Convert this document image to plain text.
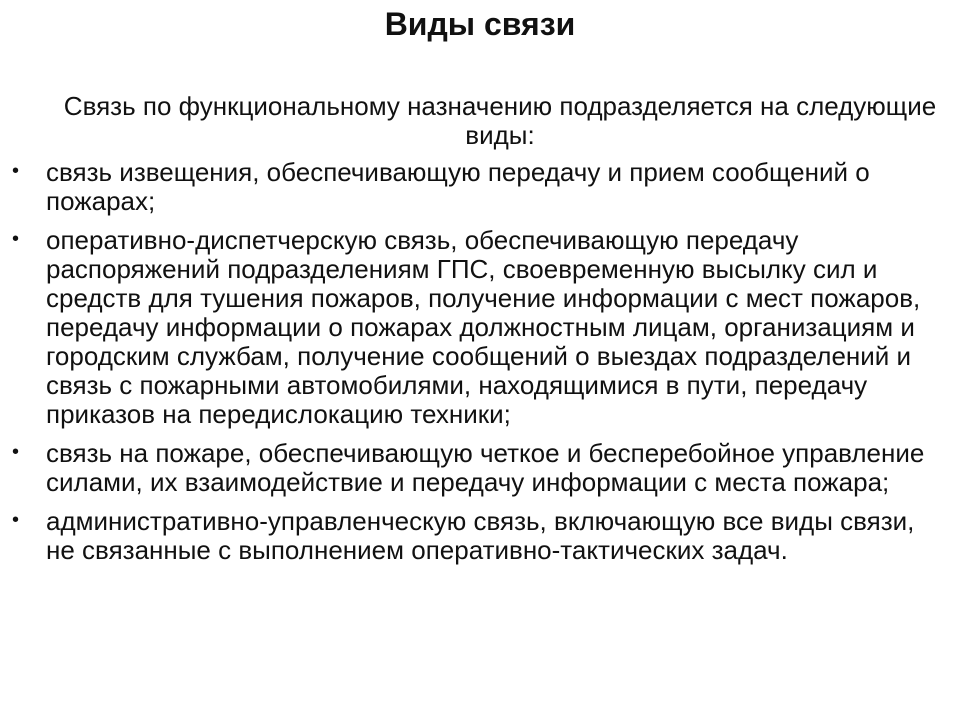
Виды связи

Связь по функциональному назначению подразделяется на следующие виды:

• связь извещения, обеспечивающую передачу и прием сообщений о пожарах;
• оперативно-диспетчерскую связь, обеспечивающую передачу распоряжений подразделениям ГПС, своевременную высылку сил и средств для тушения пожаров, получение информации с мест пожаров, передачу информации о пожарах должностным лицам, организациям и городским службам, получение сообщений о выездах подразделений и связь с пожарными автомобилями, находящимися в пути, передачу приказов на передислокацию техники;
• связь на пожаре, обеспечивающую четкое и бесперебойное управление силами, их взаимодействие и передачу информации с места пожара;
• административно-управленческую связь, включающую все виды связи, не связанные с выполнением оперативно-тактических задач.
